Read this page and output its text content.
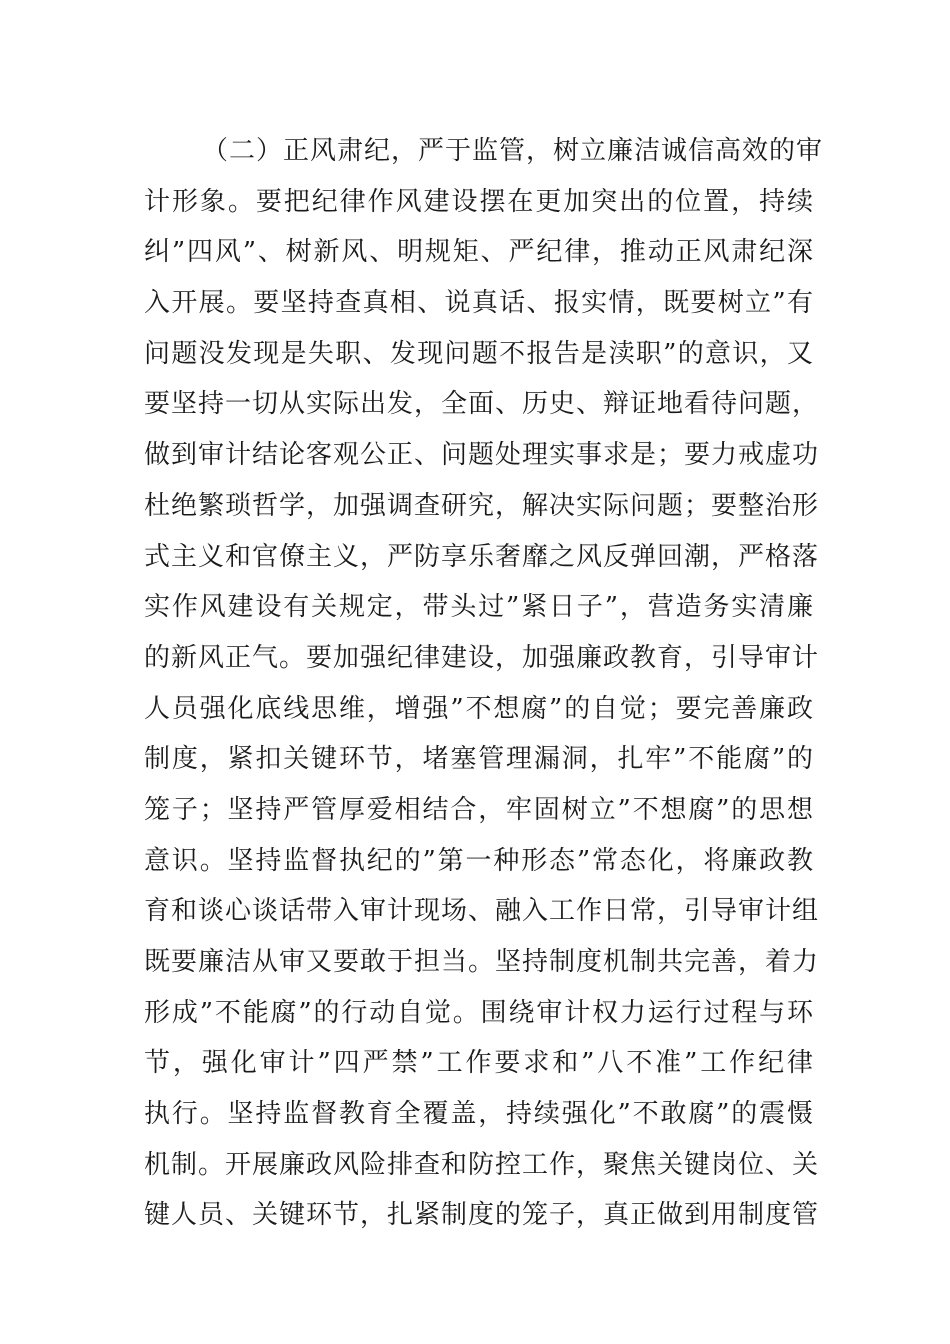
（二）正风肃纪，严于监管，树立廉洁诚信高效的审
计形象。要把纪律作风建设摆在更加突出的位置，持续
纠”四风”、树新风、明规矩、严纪律，推动正风肃纪深
入开展。要坚持查真相、说真话、报实情，既要树立”有
问题没发现是失职、发现问题不报告是渎职”的意识，又
要坚持一切从实际出发，全面、历史、辩证地看待问题，
做到审计结论客观公正、问题处理实事求是；要力戒虚功
杜绝繁琐哲学，加强调查研究，解决实际问题；要整治形
式主义和官僚主义，严防享乐奢靡之风反弹回潮，严格落
实作风建设有关规定，带头过”紧日子”，营造务实清廉
的新风正气。要加强纪律建设，加强廉政教育，引导审计
人员强化底线思维，增强”不想腐”的自觉；要完善廉政
制度，紧扣关键环节，堵塞管理漏洞，扎牢”不能腐”的
笼子；坚持严管厚爱相结合，牢固树立”不想腐”的思想
意识。坚持监督执纪的”第一种形态”常态化，将廉政教
育和谈心谈话带入审计现场、融入工作日常，引导审计组
既要廉洁从审又要敢于担当。坚持制度机制共完善，着力
形成”不能腐”的行动自觉。围绕审计权力运行过程与环
节，强化审计”四严禁”工作要求和”八不准”工作纪律
执行。坚持监督教育全覆盖，持续强化”不敢腐”的震慑
机制。开展廉政风险排查和防控工作，聚焦关键岗位、关
键人员、关键环节，扎紧制度的笼子，真正做到用制度管
